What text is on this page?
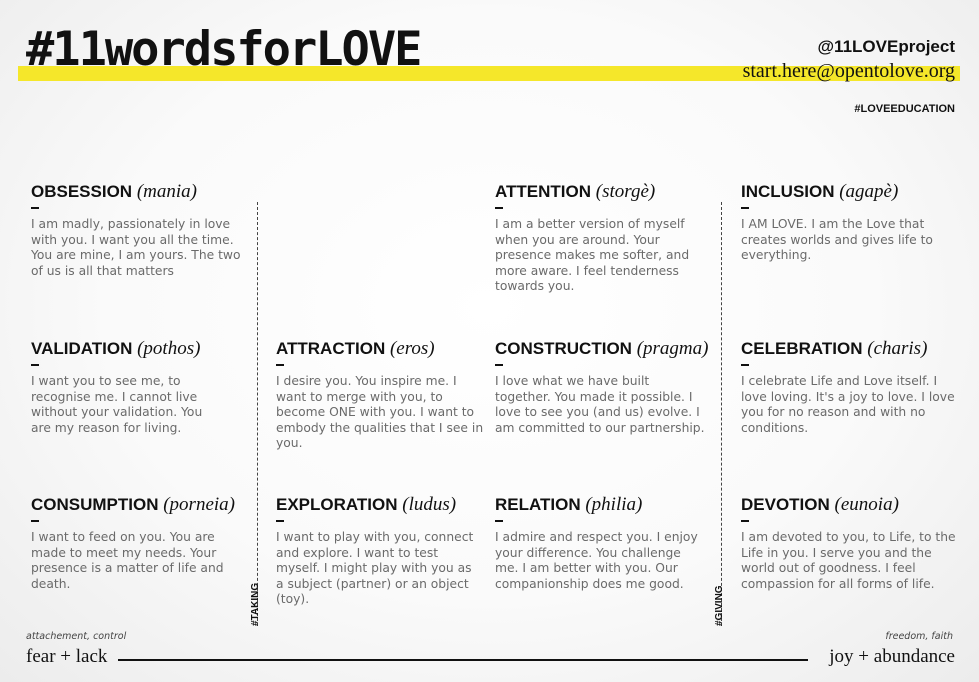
#11wordsforLOVE	@11LOVEproject
start.here@opentolove.org
#LOVEEDUCATION
OBSESSION (mania)
I am madly, passionately in love with you. I want you all the time. You are mine, I am yours. The two of us is all that matters
ATTENTION (storgè)
I am a better version of myself when you are around. Your presence makes me softer, and more aware. I feel tenderness towards you.
INCLUSION (agapè)
I AM LOVE. I am the Love that creates worlds and gives life to everything.
VALIDATION (pothos)
I want you to see me, to recognise me. I cannot live without your validation. You are my reason for living.
ATTRACTION (eros)
I desire you. You inspire me. I want to merge with you, to become ONE with you. I want to embody the qualities that I see in you.
CONSTRUCTION (pragma)
I love what we have built together. You made it possible. I love to see you (and us) evolve. I am committed to our partnership.
CELEBRATION (charis)
I celebrate Life and Love itself. I love loving. It's a joy to love. I love you for no reason and with no conditions.
CONSUMPTION (porneia)
I want to feed on you. You are made to meet my needs. Your presence is a matter of life and death.
EXPLORATION (ludus)
I want to play with you, connect and explore. I want to test myself. I might play with you as a subject (partner) or an object (toy).
RELATION (philia)
I admire and respect you. I enjoy your difference. You challenge me. I am better with you. Our companionship does me good.
DEVOTION (eunoia)
I am devoted to you, to Life, to the Life in you. I serve you and the world out of goodness. I feel compassion for all forms of life.
#TAKING	#GIVING
attachement, control
fear + lack
freedom, faith
joy + abundance
